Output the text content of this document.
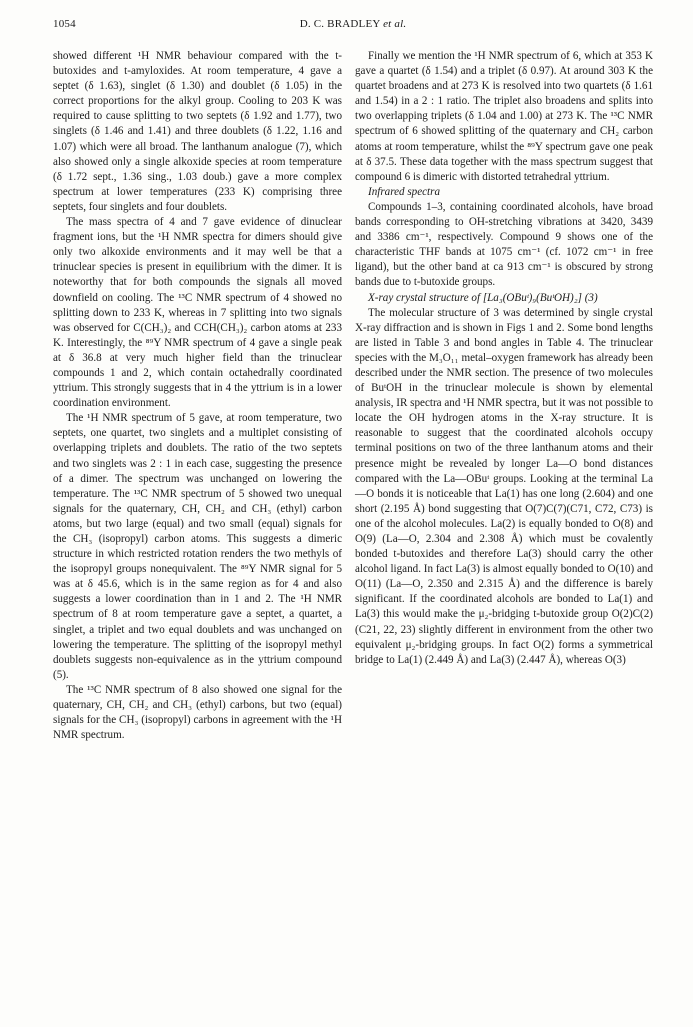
1054	D. C. BRADLEY et al.

showed different ¹H NMR behaviour compared with the t-butoxides and t-amyloxides. At room temperature, 4 gave a septet (δ 1.63), singlet (δ 1.30) and doublet (δ 1.05) in the correct proportions for the alkyl group. Cooling to 203 K was required to cause splitting to two septets (δ 1.92 and 1.77), two singlets (δ 1.46 and 1.41) and three doublets (δ 1.22, 1.16 and 1.07) which were all broad. The lanthanum analogue (7), which also showed only a single alkoxide species at room temperature (δ 1.72 sept., 1.36 sing., 1.03 doub.) gave a more complex spectrum at lower temperatures (233 K) comprising three septets, four singlets and four doublets.

The mass spectra of 4 and 7 gave evidence of dinuclear fragment ions, but the ¹H NMR spectra for dimers should give only two alkoxide environments and it may well be that a trinuclear species is present in equilibrium with the dimer. It is noteworthy that for both compounds the signals all moved downfield on cooling. The ¹³C NMR spectrum of 4 showed no splitting down to 233 K, whereas in 7 splitting into two signals was observed for C(CH₃)₂ and CCH(CH₃)₂ carbon atoms at 233 K. Interestingly, the ⁸⁹Y NMR spectrum of 4 gave a single peak at δ 36.8 at very much higher field than the trinuclear compounds 1 and 2, which contain octahedrally coordinated yttrium. This strongly suggests that in 4 the yttrium is in a lower coordination environment.

The ¹H NMR spectrum of 5 gave, at room temperature, two septets, one quartet, two singlets and a multiplet consisting of overlapping triplets and doublets. The ratio of the two septets and two singlets was 2 : 1 in each case, suggesting the presence of a dimer. The spectrum was unchanged on lowering the temperature. The ¹³C NMR spectrum of 5 showed two unequal signals for the quaternary, CH, CH₂ and CH₃ (ethyl) carbon atoms, but two large (equal) and two small (equal) signals for the CH₃ (isopropyl) carbon atoms. This suggests a dimeric structure in which restricted rotation renders the two methyls of the isopropyl groups nonequivalent. The ⁸⁹Y NMR signal for 5 was at δ 45.6, which is in the same region as for 4 and also suggests a lower coordination than in 1 and 2. The ¹H NMR spectrum of 8 at room temperature gave a septet, a quartet, a singlet, a triplet and two equal doublets and was unchanged on lowering the temperature. The splitting of the isopropyl methyl doublets suggests non-equivalence as in the yttrium compound (5).

The ¹³C NMR spectrum of 8 also showed one signal for the quaternary, CH, CH₂ and CH₃ (ethyl) carbons, but two (equal) signals for the CH₃ (isopropyl) carbons in agreement with the ¹H NMR spectrum.

Finally we mention the ¹H NMR spectrum of 6, which at 353 K gave a quartet (δ 1.54) and a triplet (δ 0.97). At around 303 K the quartet broadens and at 273 K is resolved into two quartets (δ 1.61 and 1.54) in a 2 : 1 ratio. The triplet also broadens and splits into two overlapping triplets (δ 1.04 and 1.00) at 273 K. The ¹³C NMR spectrum of 6 showed splitting of the quaternary and CH₂ carbon atoms at room temperature, whilst the ⁸⁹Y spectrum gave one peak at δ 37.5. These data together with the mass spectrum suggest that compound 6 is dimeric with distorted tetrahedral yttrium.

Infrared spectra

Compounds 1–3, containing coordinated alcohols, have broad bands corresponding to OH-stretching vibrations at 3420, 3439 and 3386 cm⁻¹, respectively. Compound 9 shows one of the characteristic THF bands at 1075 cm⁻¹ (cf. 1072 cm⁻¹ in free ligand), but the other band at ca 913 cm⁻¹ is obscured by strong bands due to t-butoxide groups.

X-ray crystal structure of [La₃(OBuᵗ)₉(BuᵗOH)₂] (3)

The molecular structure of 3 was determined by single crystal X-ray diffraction and is shown in Figs 1 and 2. Some bond lengths are listed in Table 3 and bond angles in Table 4. The trinuclear species with the M₃O₁₁ metal–oxygen framework has already been described under the NMR section. The presence of two molecules of BuᵗOH in the trinuclear molecule is shown by elemental analysis, IR spectra and ¹H NMR spectra, but it was not possible to locate the OH hydrogen atoms in the X-ray structure. It is reasonable to suggest that the coordinated alcohols occupy terminal positions on two of the three lanthanum atoms and their presence might be revealed by longer La—O bond distances compared with the La—OBuᵗ groups. Looking at the terminal La—O bonds it is noticeable that La(1) has one long (2.604) and one short (2.195 Å) bond suggesting that O(7)C(7)(C71, C72, C73) is one of the alcohol molecules. La(2) is equally bonded to O(8) and O(9) (La—O, 2.304 and 2.308 Å) which must be covalently bonded t-butoxides and therefore La(3) should carry the other alcohol ligand. In fact La(3) is almost equally bonded to O(10) and O(11) (La—O, 2.350 and 2.315 Å) and the difference is barely significant. If the coordinated alcohols are bonded to La(1) and La(3) this would make the μ₂-bridging t-butoxide group O(2)C(2)(C21, 22, 23) slightly different in environment from the other two equivalent μ₂-bridging groups. In fact O(2) forms a symmetrical bridge to La(1) (2.449 Å) and La(3) (2.447 Å), whereas O(3)
